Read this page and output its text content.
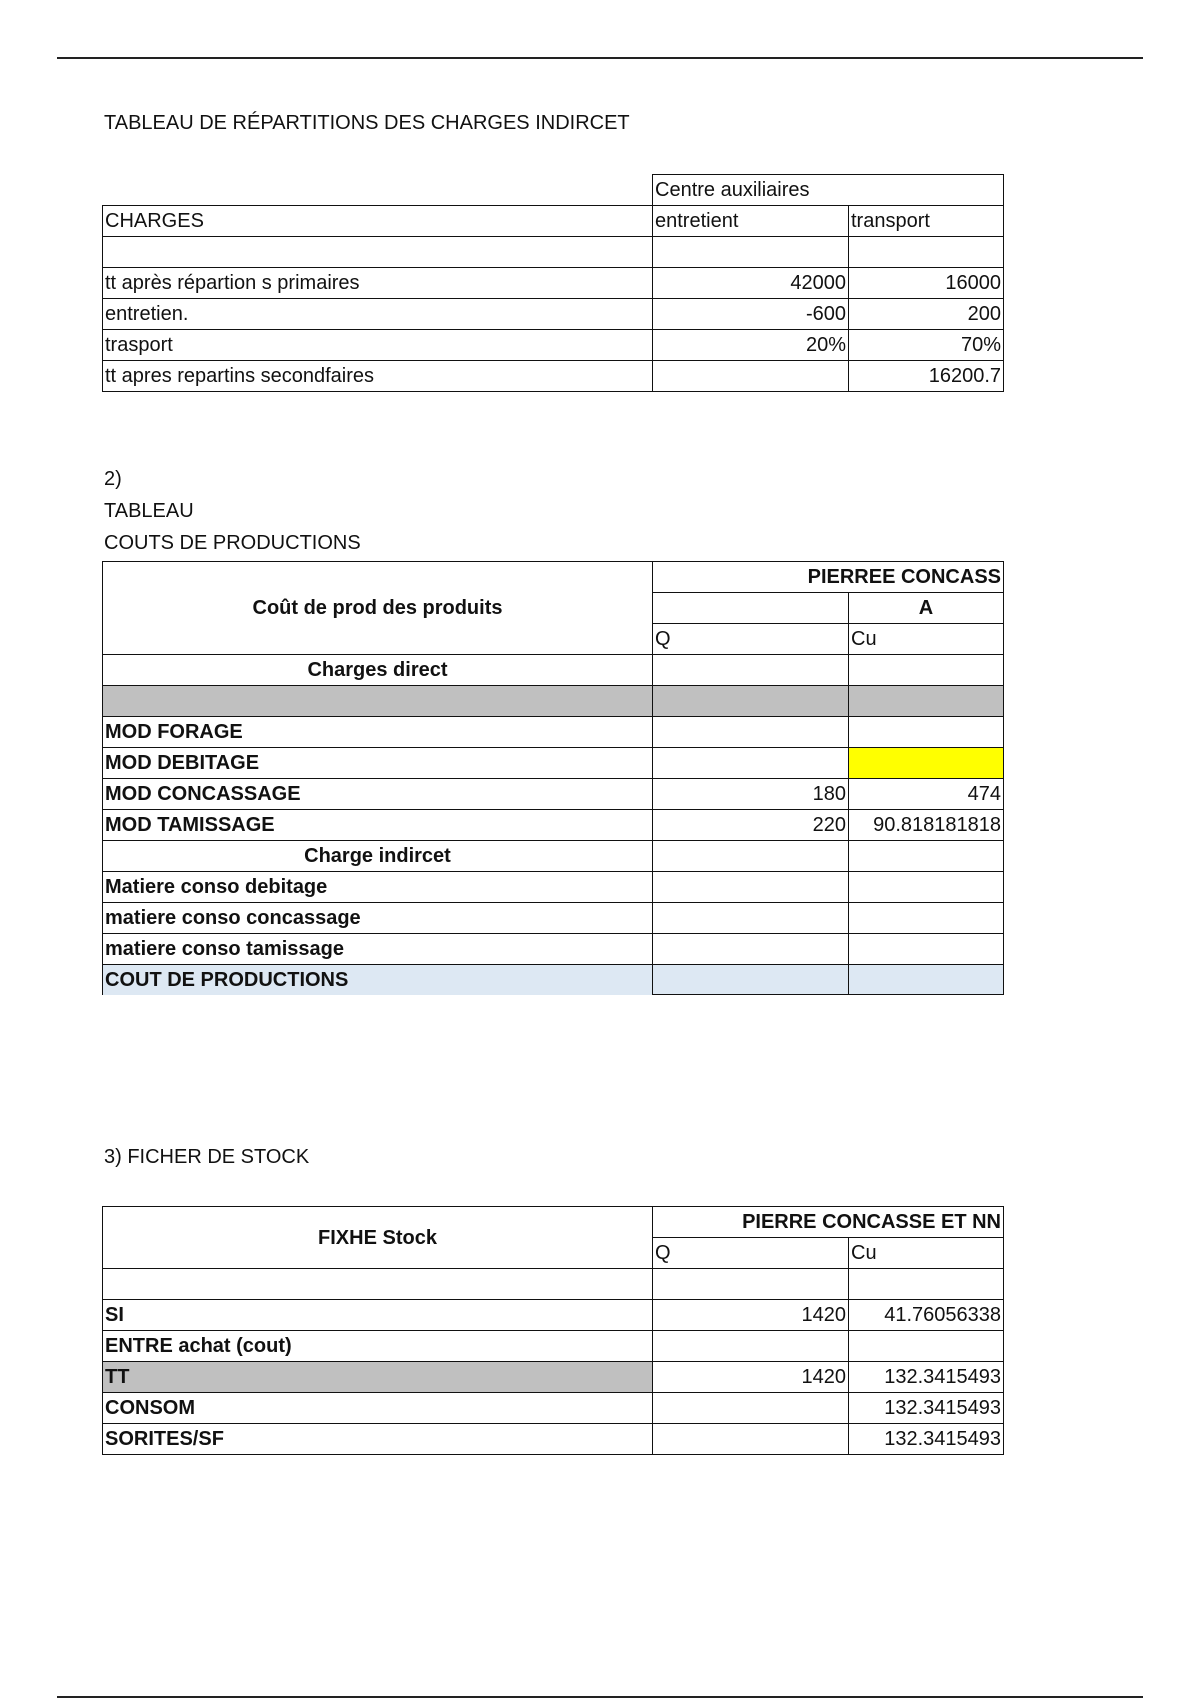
TABLEAU DE RÉPARTITIONS DES CHARGES INDIRCET
	Centre auxiliaires	
CHARGES	entretient	transport

tt après répartion s primaires	42000	16000
entretien.	-600	200
trasport	20%	70%
tt apres repartins secondfaires		16200.7
2)
TABLEAU
COUTS DE PRODUCTIONS
Coût de prod des produits	PIERREE CONCASS	
		A
	Q	Cu
Charges direct		

MOD FORAGE		
MOD DEBITAGE		
MOD CONCASSAGE	180	474
MOD TAMISSAGE	220	90.818181818
Charge indircet		
Matiere conso debitage		
matiere conso concassage		
matiere conso tamissage		
COUT DE PRODUCTIONS		
3) FICHER DE STOCK
FIXHE Stock	PIERRE CONCASSE ET NN	
	Q	Cu

SI	1420	41.76056338
ENTRE achat (cout)		
TT	1420	132.3415493
CONSOM		132.3415493
SORITES/SF		132.3415493
